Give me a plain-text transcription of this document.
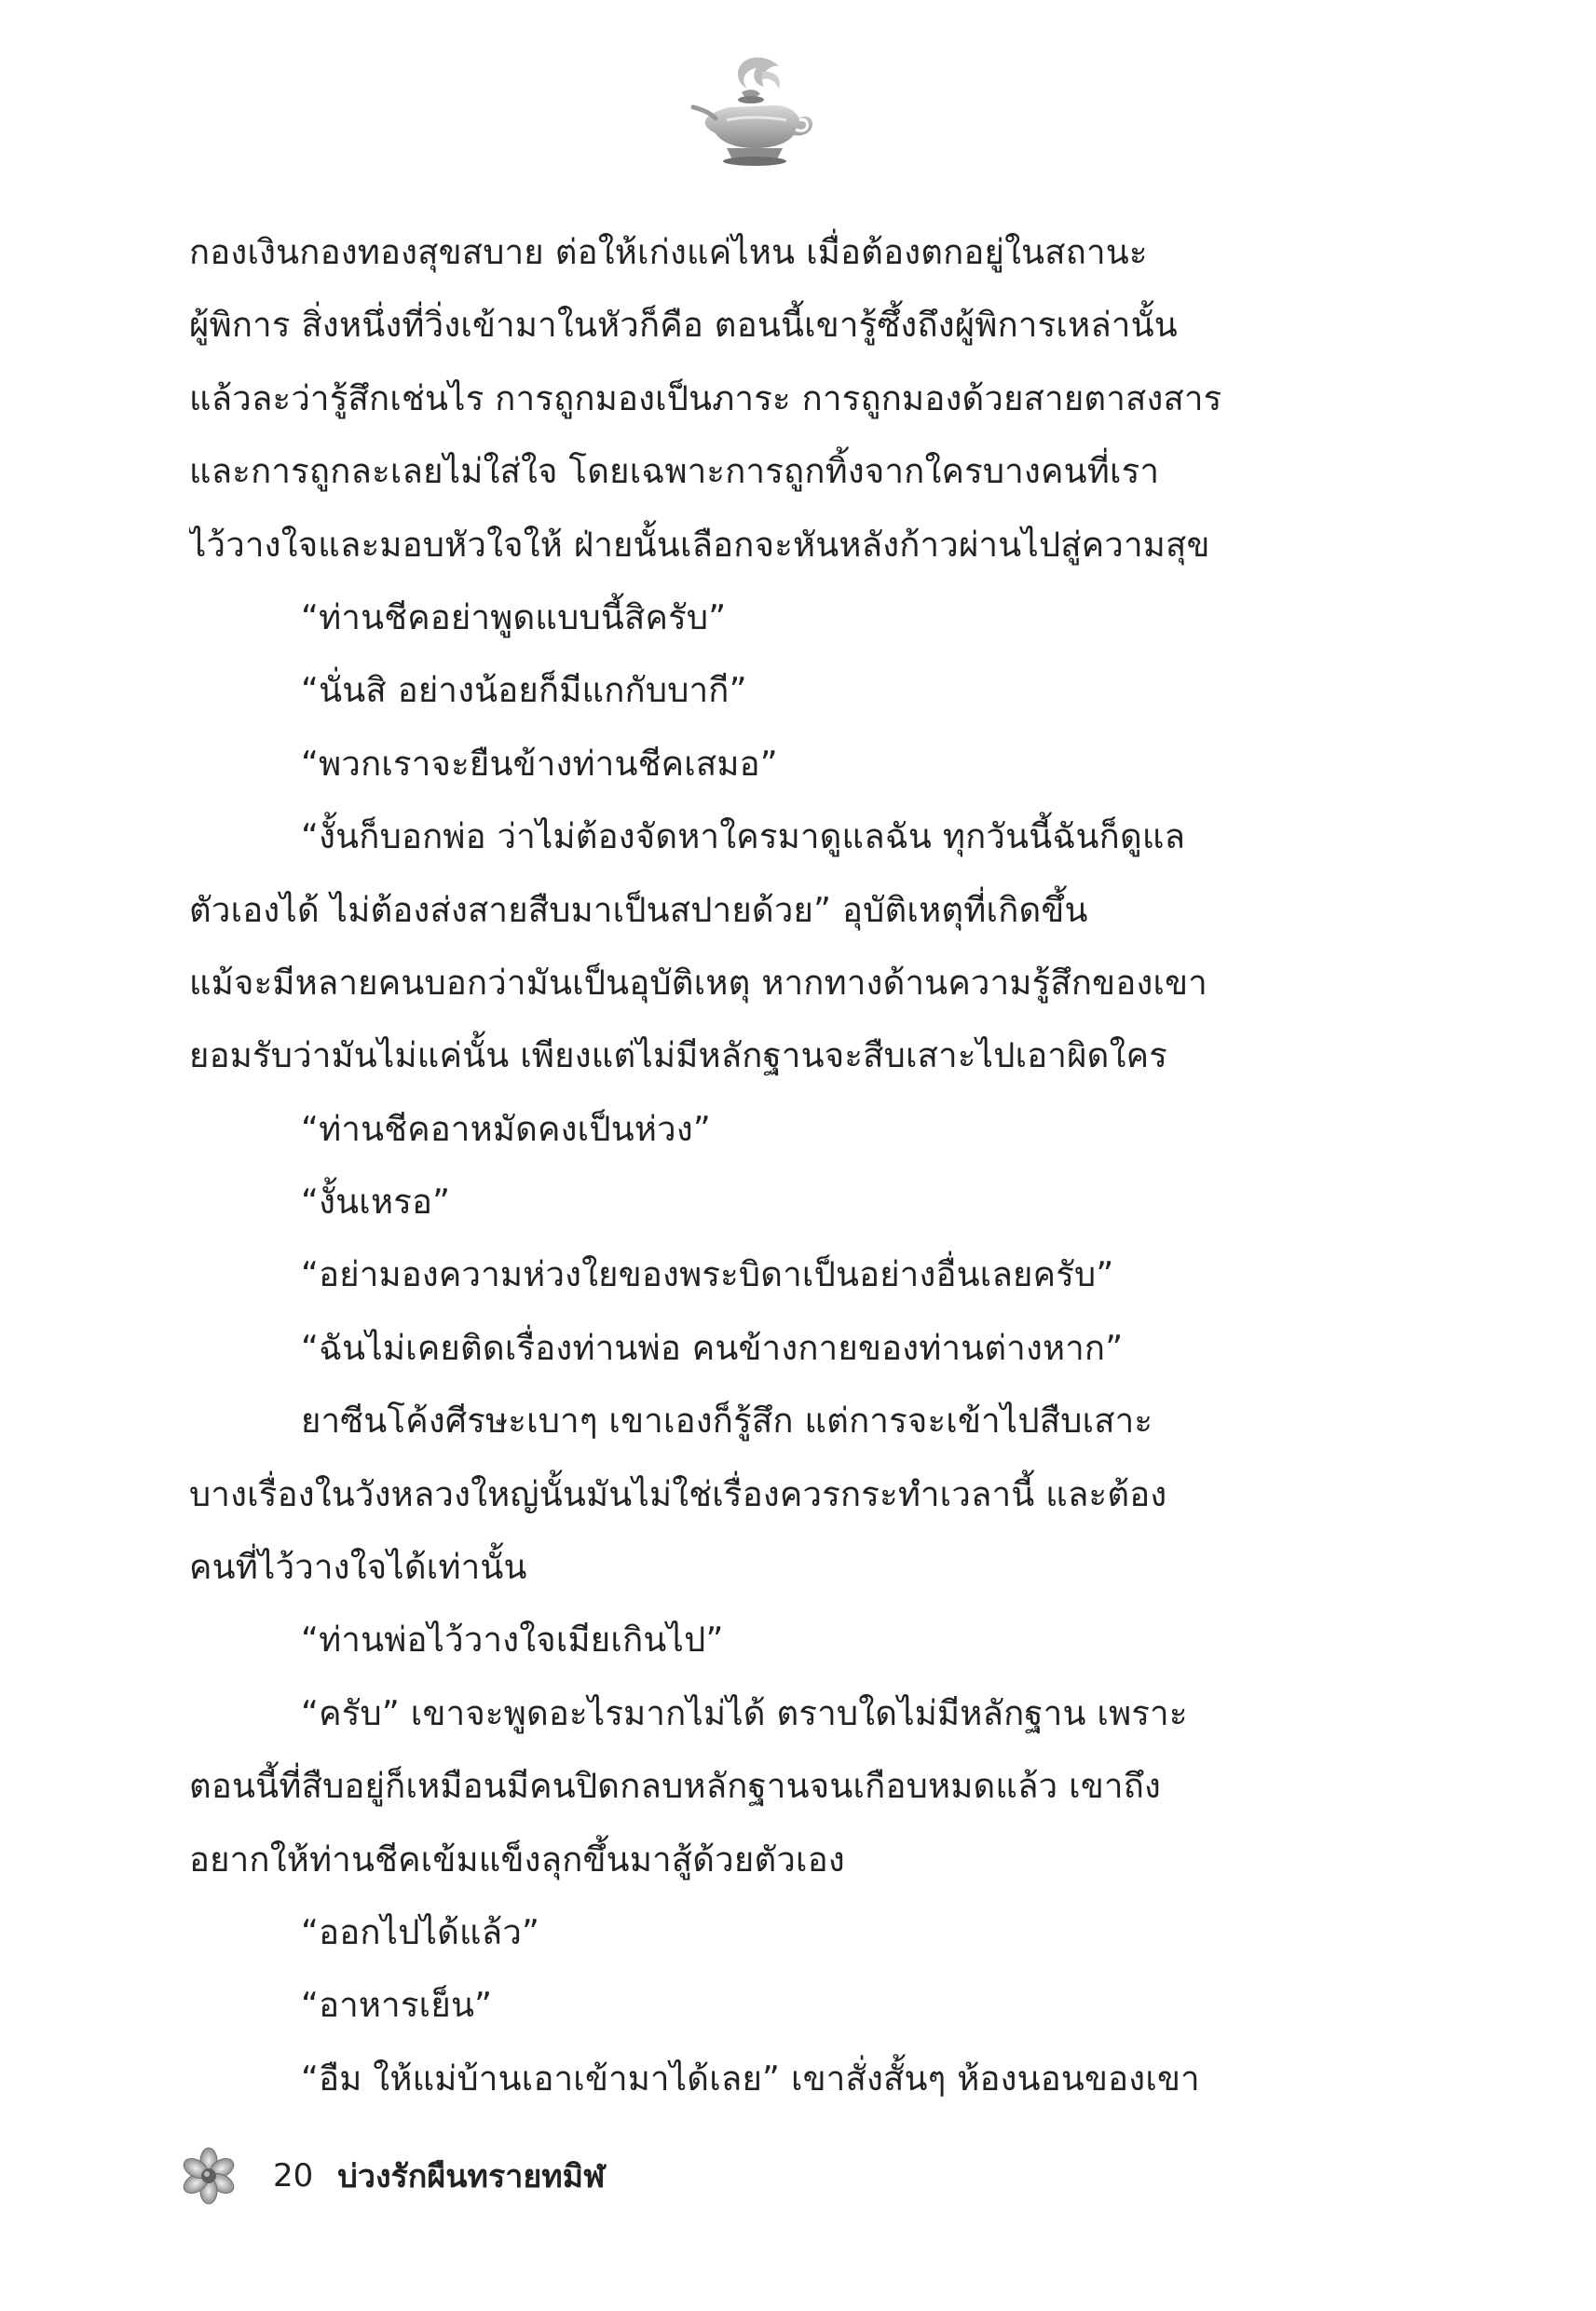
กองเงินกองทองสุขสบาย ต่อให้เก่งแค่ไหน เมื่อต้องตกอยู่ในสถานะ
ผู้พิการ สิ่งหนึ่งที่วิ่งเข้ามาในหัวก็คือ ตอนนี้เขารู้ซึ้งถึงผู้พิการเหล่านั้น
แล้วละว่ารู้สึกเช่นไร การถูกมองเป็นภาระ การถูกมองด้วยสายตาสงสาร
และการถูกละเลยไม่ใส่ใจ โดยเฉพาะการถูกทิ้งจากใครบางคนที่เรา
ไว้วางใจและมอบหัวใจให้ ฝ่ายนั้นเลือกจะหันหลังก้าวผ่านไปสู่ความสุข
“ท่านชีคอย่าพูดแบบนี้สิครับ”
“นั่นสิ อย่างน้อยก็มีแกกับบากี”
“พวกเราจะยืนข้างท่านชีคเสมอ”
“งั้นก็บอกพ่อ ว่าไม่ต้องจัดหาใครมาดูแลฉัน ทุกวันนี้ฉันก็ดูแล
ตัวเองได้ ไม่ต้องส่งสายสืบมาเป็นสปายด้วย” อุบัติเหตุที่เกิดขึ้น
แม้จะมีหลายคนบอกว่ามันเป็นอุบัติเหตุ หากทางด้านความรู้สึกของเขา
ยอมรับว่ามันไม่แค่นั้น เพียงแต่ไม่มีหลักฐานจะสืบเสาะไปเอาผิดใคร
“ท่านชีคอาหมัดคงเป็นห่วง”
“งั้นเหรอ”
“อย่ามองความห่วงใยของพระบิดาเป็นอย่างอื่นเลยครับ”
“ฉันไม่เคยติดเรื่องท่านพ่อ คนข้างกายของท่านต่างหาก”
ยาซีนโค้งศีรษะเบาๆ เขาเองก็รู้สึก แต่การจะเข้าไปสืบเสาะ
บางเรื่องในวังหลวงใหญ่นั้นมันไม่ใช่เรื่องควรกระทำเวลานี้ และต้อง
คนที่ไว้วางใจได้เท่านั้น
“ท่านพ่อไว้วางใจเมียเกินไป”
“ครับ” เขาจะพูดอะไรมากไม่ได้ ตราบใดไม่มีหลักฐาน เพราะ
ตอนนี้ที่สืบอยู่ก็เหมือนมีคนปิดกลบหลักฐานจนเกือบหมดแล้ว เขาถึง
อยากให้ท่านชีคเข้มแข็งลุกขึ้นมาสู้ด้วยตัวเอง
“ออกไปได้แล้ว”
“อาหารเย็น”
“อืม ให้แม่บ้านเอาเข้ามาได้เลย” เขาสั่งสั้นๆ ห้องนอนของเขา
20 บ่วงรักผืนทรายทมิฬ
